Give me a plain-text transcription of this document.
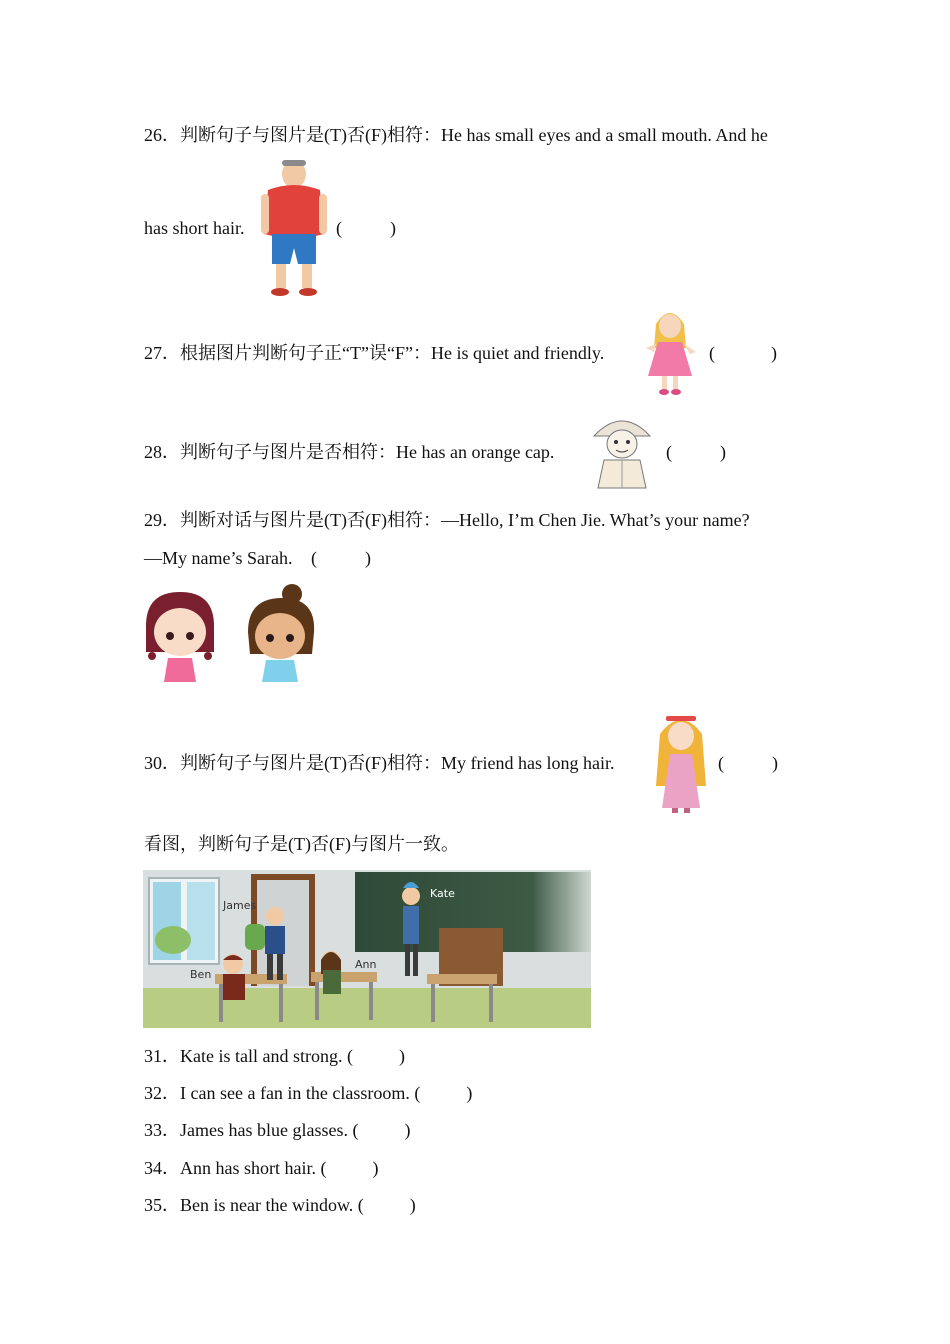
26．判断句子与图片是(T)否(F)相符：He has small eyes and a small mouth. And he
has short hair.	(	)
27．根据图片判断句子正“T”误“F”：He is quiet and friendly.	(	)
28．判断句子与图片是否相符：He has an orange cap.	(	)
29．判断对话与图片是(T)否(F)相符：—Hello, I’m Chen Jie. What’s your name?
—My name’s Sarah. (	)
30．判断句子与图片是(T)否(F)相符：My friend has long hair.	(	)
看图，判断句子是(T)否(F)与图片一致。
James
Kate
Ben
Ann
31．Kate is tall and strong. (	)
32．I can see a fan in the classroom. (	)
33．James has blue glasses. (	)
34．Ann has short hair. (	)
35．Ben is near the window. (	)
